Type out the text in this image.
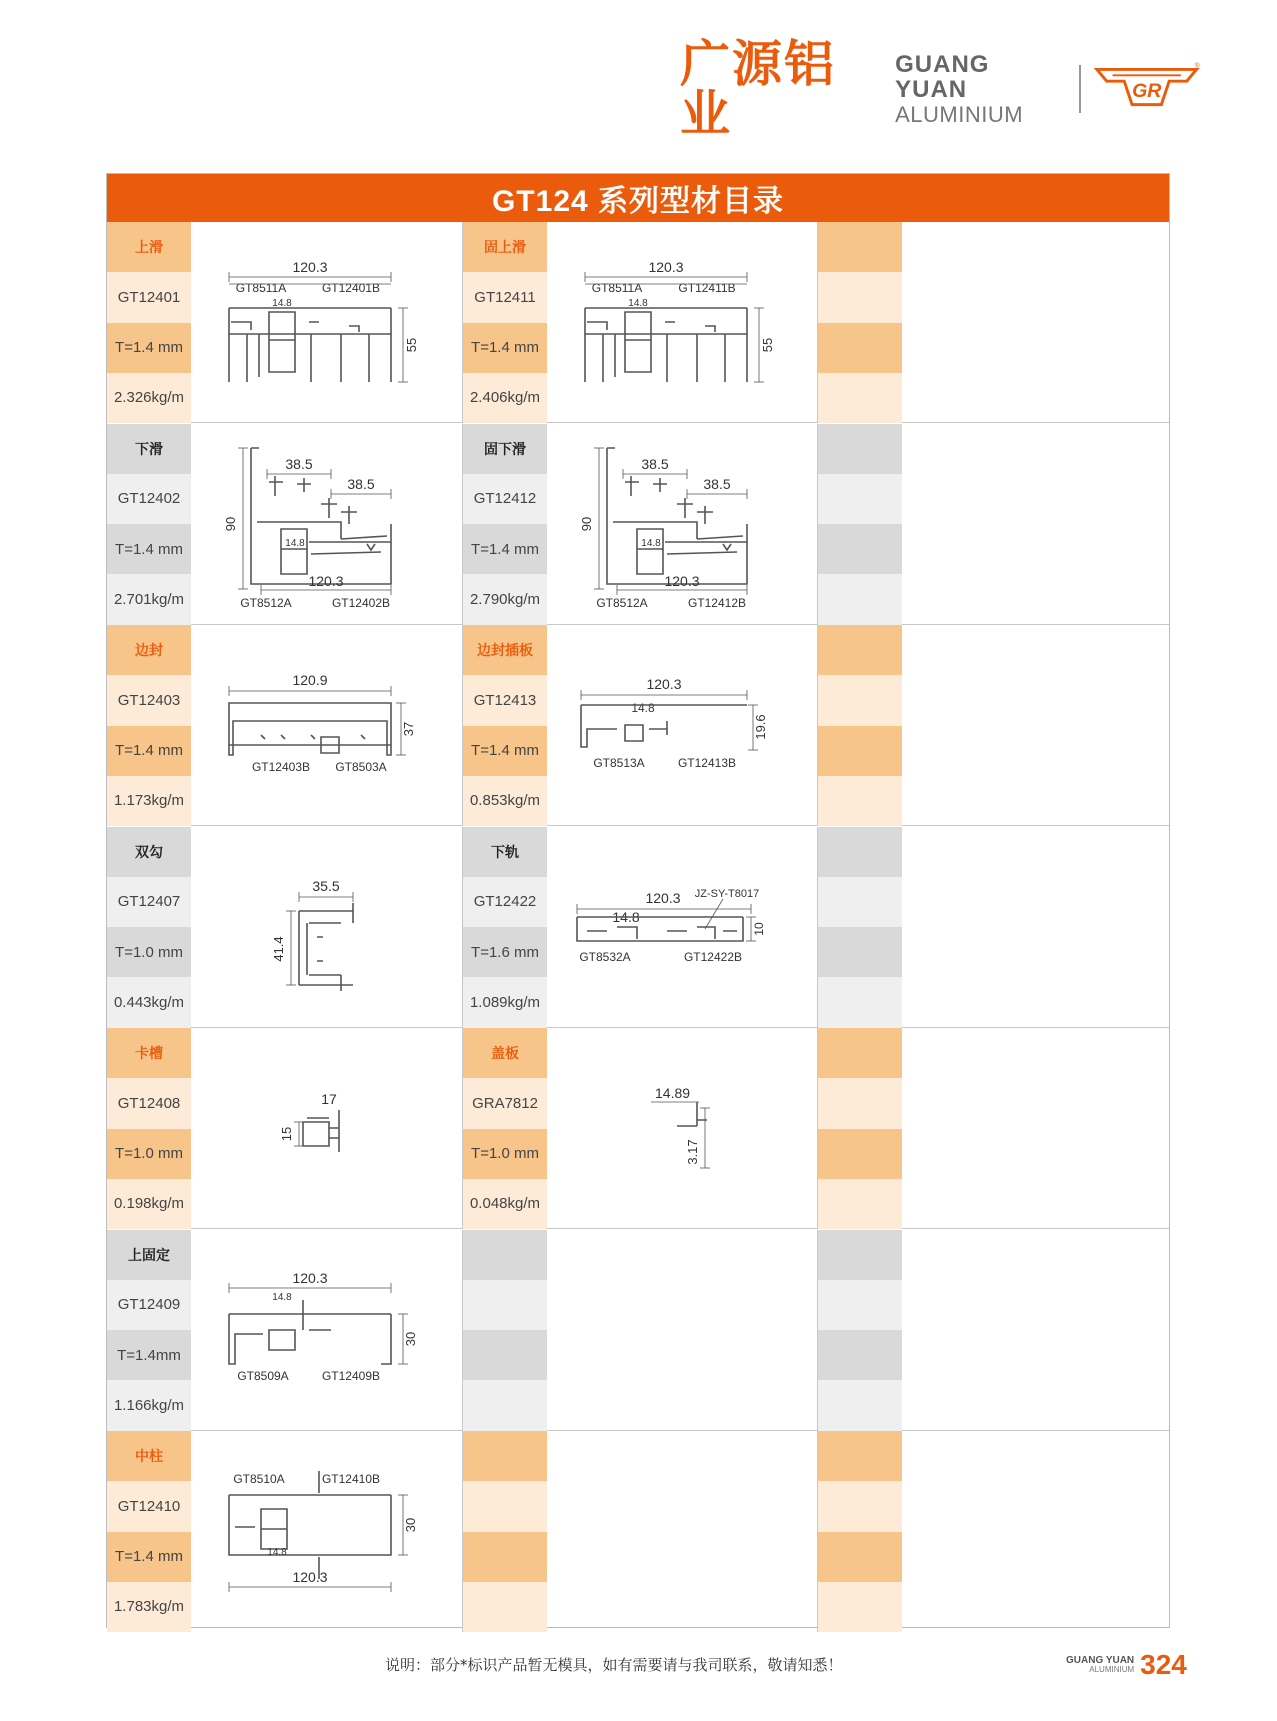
广源铝业
GUANG YUAN
ALUMINIUM
GR
®
GT124 系列型材目录
上滑
GT12401
T=1.4 mm
2.326kg/m
120.3
GT8511A	GT12401B
14.8
55
固上滑
GT12411
T=1.4 mm
2.406kg/m
120.3
GT8511A	GT12411B
14.8
55
下滑
GT12402
T=1.4 mm
2.701kg/m
90
38.5
38.5
14.8
120.3
GT8512A	GT12402B
固下滑
GT12412
T=1.4 mm
2.790kg/m
90
38.5
38.5
14.8
120.3
GT8512A	GT12412B
边封
GT12403
T=1.4 mm
1.173kg/m
120.9
37
GT12403B GT8503A
边封插板
GT12413
T=1.4 mm
0.853kg/m
120.3
14.8
19.6
GT8513A	GT12413B
双勾
GT12407
T=1.0 mm
0.443kg/m
35.5
41.4
下轨
GT12422
T=1.6 mm
1.089kg/m
120.3 JZ-SY-T8017
14.8
10
GT8532A	GT12422B
卡槽
GT12408
T=1.0 mm
0.198kg/m
17
15
盖板
GRA7812
T=1.0 mm
0.048kg/m
14.89
3.17
上固定
GT12409
T=1.4mm
1.166kg/m
120.3
14.8
30
GT8509A	GT12409B
中柱
GT12410
T=1.4 mm
1.783kg/m
GT8510A	GT12410B
30
14.8
120.3
说明：部分*标识产品暂无模具，如有需要请与我司联系，敬请知悉！	GUANG YUAN
ALUMINIUM 324
